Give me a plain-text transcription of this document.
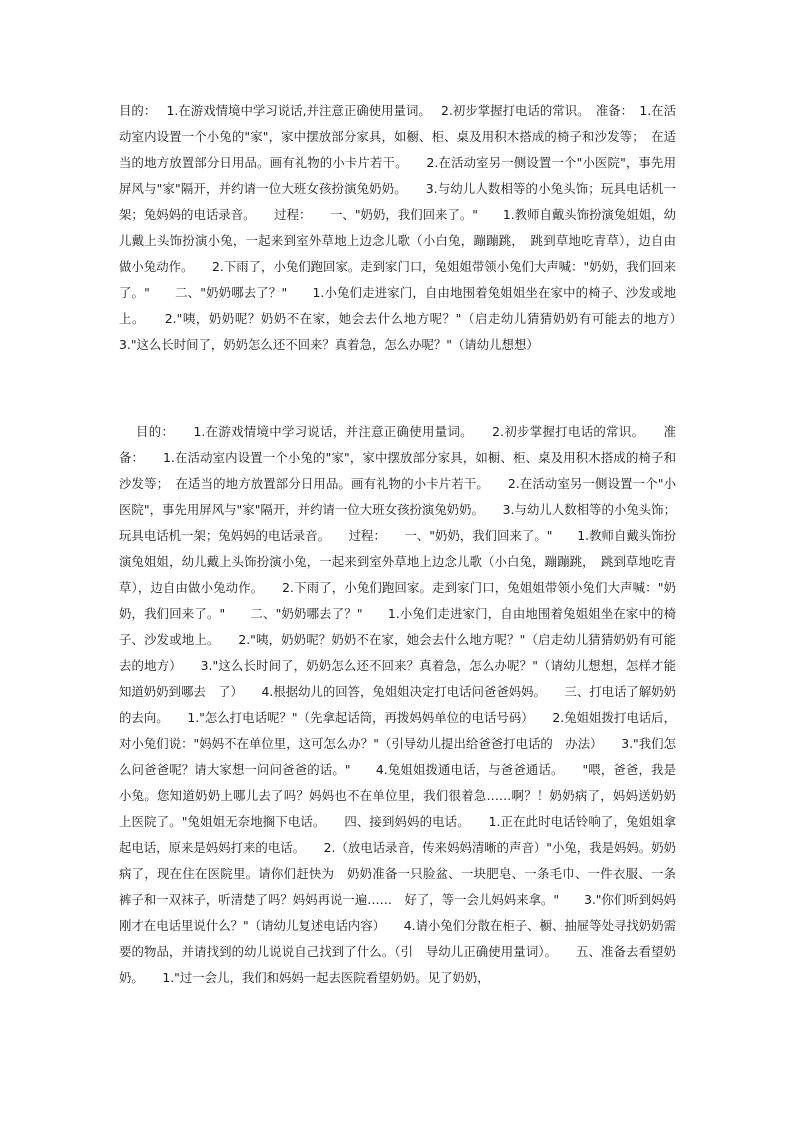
目的：　 1.在游戏情境中学习说话,并注意正确使用量词。　 2.初步掌握打电话的常识。　准备：　1.在活动室内设置一个小兔的"家"，家中摆放部分家具，如橱、柜、桌及用积木搭成的椅子和沙发等；　在适当的地方放置部分日用品。画有礼物的小卡片若干。　　2.在活动室另一侧设置一个"小医院"，事先用屏风与"家"隔开，并约请一位大班女孩扮演兔奶奶。　　3.与幼儿人数相等的小兔头饰；玩具电话机一架；兔妈妈的电话录音。　　过程：　　一、"奶奶，我们回来了。"　　1.教师自戴头饰扮演兔姐姐，幼儿戴上头饰扮演小兔，一起来到室外草地上边念儿歌（小白兔，蹦蹦跳，　跳到草地吃青草），边自由做小兔动作。　　2.下雨了，小兔们跑回家。走到家门口，兔姐姐带领小兔们大声喊："奶奶，我们回来了。"　　二、"奶奶哪去了？"　　1.小兔们走进家门，自由地围着兔姐姐坐在家中的椅子、沙发或地上。　　2."咦，奶奶呢？奶奶不在家，她会去什么地方呢？"（启走幼儿猜猜奶奶有可能去的地方）　　3."这么长时间了，奶奶怎么还不回来？真着急，怎么办呢？"（请幼儿想想）

目的：　　1.在游戏情境中学习说话，并注意正确使用量词。　　2.初步掌握打电话的常识。　　准备：　　1.在活动室内设置一个小兔的"家"，家中摆放部分家具，如橱、柜、桌及用积木搭成的椅子和沙发等；　在适当的地方放置部分日用品。画有礼物的小卡片若干。　　2.在活动室另一侧设置一个"小医院"，事先用屏风与"家"隔开，并约请一位大班女孩扮演兔奶奶。　　3.与幼儿人数相等的小兔头饰；玩具电话机一架；兔妈妈的电话录音。　　过程：　　一、"奶奶，我们回来了。"　　1.教师自戴头饰扮演兔姐姐，幼儿戴上头饰扮演小兔，一起来到室外草地上边念儿歌（小白兔，蹦蹦跳，　跳到草地吃青草），边自由做小兔动作。　　2.下雨了，小兔们跑回家。走到家门口，兔姐姐带领小兔们大声喊："奶奶，我们回来了。"　　二、"奶奶哪去了？"　　1.小兔们走进家门，自由地围着兔姐姐坐在家中的椅子、沙发或地上。　　2."咦，奶奶呢？奶奶不在家，她会去什么地方呢？"（启走幼儿猜猜奶奶有可能去的地方）　　3."这么长时间了，奶奶怎么还不回来？真着急，怎么办呢？"（请幼儿想想，怎样才能知道奶奶到哪去　了）　　4.根据幼儿的回答，兔姐姐决定打电话问爸爸妈妈。　　三、打电话了解奶奶的去向。　　1."怎么打电话呢？"（先拿起话筒，再拨妈妈单位的电话号码）　　2.兔姐姐拨打电话后，对小兔们说："妈妈不在单位里，这可怎么办？"（引导幼儿提出给爸爸打电话的　办法）　　3."我们怎么问爸爸呢？请大家想一问问爸爸的话。"　　4.兔姐姐拨通电话，与爸爸通话。　　"喂，爸爸，我是小兔。您知道奶奶上哪儿去了吗？妈妈也不在单位里，我们很着急……啊？！奶奶病了，妈妈送奶奶上医院了。"兔姐姐无奈地搁下电话。　　四、接到妈妈的电话。　　1.正在此时电话铃响了，兔姐姐拿起电话，原来是妈妈打来的电话。　　2.（放电话录音，传来妈妈清晰的声音）"小兔，我是妈妈。奶奶病了，现在住在医院里。请你们赶快为　奶奶准备一只脸盆、一块肥皂、一条毛巾、一件衣服、一条裤子和一双袜子，听清楚了吗？妈妈再说一遍……　好了，等一会儿妈妈来拿。"　　3."你们听到妈妈刚才在电话里说什么？"（请幼儿复述电话内容）　　4.请小兔们分散在柜子、橱、抽屉等处寻找奶奶需要的物品，并请找到的幼儿说说自己找到了什么。（引　导幼儿正确使用量词）。　　五、准备去看望奶奶。　　1."过一会儿，我们和妈妈一起去医院看望奶奶。见了奶奶，
